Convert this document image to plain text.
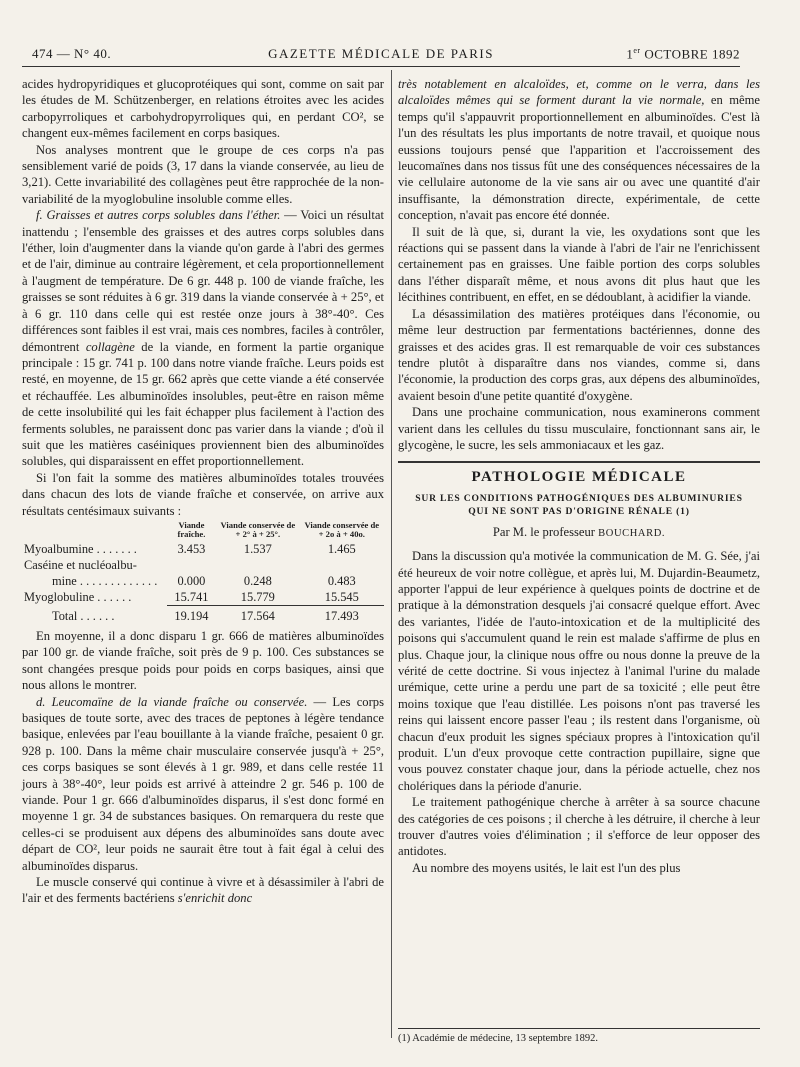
474 — N° 40.	GAZETTE MÉDICALE DE PARIS	1er OCTOBRE 1892

acides hydropyridiques et glucoprotéiques qui sont, comme on sait par les études de M. Schützenberger, en relations étroites avec les acides carbopyrroliques et carbohydropyrroliques qui, en perdant CO², se changent eux-mêmes facilement en corps basiques.

Nos analyses montrent que le groupe de ces corps n'a pas sensiblement varié de poids (3, 17 dans la viande conservée, au lieu de 3,21). Cette invariabilité des collagènes peut être rapprochée de la non-variabilité de la myoglobuline insoluble comme elles.

f. Graisses et autres corps solubles dans l'éther. — Voici un résultat inattendu ; l'ensemble des graisses et des autres corps solubles dans l'éther, loin d'augmenter dans la viande qu'on garde à l'abri des germes et de l'air, diminue au contraire légèrement, et cela proportionnellement à l'augment de température. De 6 gr. 448 p. 100 de viande fraîche, les graisses se sont réduites à 6 gr. 319 dans la viande conservée à + 25°, et à 6 gr. 110 dans celle qui est restée onze jours à 38°-40°. Ces différences sont faibles il est vrai, mais ces nombres, faciles à contrôler, démontrent collagène de la viande, en forment la partie organique principale : 15 gr. 741 p. 100 dans notre viande fraîche. Leurs poids est resté, en moyenne, de 15 gr. 662 après que cette viande a été conservée et réchauffée. Les albuminoïdes insolubles, peut-être en raison même de cette insolubilité qui les fait échapper plus facilement à l'action des ferments solubles, ne paraissent donc pas varier dans la viande ; d'où il suit que les matières caséiniques proviennent bien des albuminoïdes solubles, qui disparaissent en effet proportionnellement.

Si l'on fait la somme des matières albuminoïdes totales trouvées dans chacun des lots de viande fraîche et conservée, on arrive aux résultats centésimaux suivants :

	Viande fraîche.	Viande conservée de + 2° à + 25°.	Viande conservée de + 2o à + 40o.
Myoalbumine . . . . . . .	3.453	1.537	1.465
Caséine et nucléoalbu-			
mine . . . . . . . . . . . . .	0.000	0.248	0.483
Myoglobuline . . . . . .	15.741	15.779	15.545
Total . . . . . .	19.194	17.564	17.493

En moyenne, il a donc disparu 1 gr. 666 de matières albuminoïdes par 100 gr. de viande fraîche, soit près de 9 p. 100. Ces substances se sont changées presque poids pour poids en corps basiques, ainsi que nous allons le montrer.

d. Leucomaïne de la viande fraîche ou conservée. — Les corps basiques de toute sorte, avec des traces de peptones à légère tendance basique, enlevées par l'eau bouillante à la viande fraîche, pesaient 0 gr. 928 p. 100. Dans la même chair musculaire conservée jusqu'à + 25°, ces corps basiques se sont élevés à 1 gr. 989, et dans celle restée 11 jours à 38°-40°, leur poids est arrivé à atteindre 2 gr. 546 p. 100 de viande. Pour 1 gr. 666 d'albuminoïdes disparus, il s'est donc formé en moyenne 1 gr. 34 de substances basiques. On remarquera du reste que celles-ci se produisent aux dépens des albuminoïdes sans doute avec départ de CO², leur poids ne saurait être tout à fait égal à celui des albuminoïdes disparus.

Le muscle conservé qui continue à vivre et à désassimiler à l'abri de l'air et des ferments bactériens s'enrichit donc

très notablement en alcaloïdes, et, comme on le verra, dans les alcaloïdes mêmes qui se forment durant la vie normale, en même temps qu'il s'appauvrit proportionnellement en albuminoïdes. C'est là l'un des résultats les plus importants de notre travail, et quoique nous eussions toujours pensé que l'apparition et l'accroissement des leucomaïnes dans nos tissus fût une des conséquences nécessaires de la vie cellulaire autonome de la vie sans air ou avec une quantité d'air insuffisante, la démonstration directe, expérimentale, de cette conception, n'avait pas encore été donnée.

Il suit de là que, si, durant la vie, les oxydations sont que les réactions qui se passent dans la viande à l'abri de l'air ne l'enrichissent certainement pas en graisses. Une faible portion des corps solubles dans l'éther disparaît même, et nous avons dit plus haut que les lécithines contribuent, en effet, en se dédoublant, à acidifier la viande.

La désassimilation des matières protéiques dans l'économie, ou même leur destruction par fermentations bactériennes, donne des graisses et des acides gras. Il est remarquable de voir ces substances tendre plutôt à disparaître dans nos viandes, comme si, dans l'économie, la production des corps gras, aux dépens des albuminoïdes, avaient besoin d'une petite quantité d'oxygène.

Dans une prochaine communication, nous examinerons comment varient dans les cellules du tissu musculaire, fonctionnant sans air, le glycogène, le sucre, les sels ammoniacaux et les gaz.

PATHOLOGIE MÉDICALE
SUR LES CONDITIONS PATHOGÉNIQUES DES ALBUMINURIES
QUI NE SONT PAS D'ORIGINE RÉNALE (1)
Par M. le professeur BOUCHARD.

Dans la discussion qu'a motivée la communication de M. G. Sée, j'ai été heureux de voir notre collègue, et après lui, M. Dujardin-Beaumetz, apporter l'appui de leur expérience à quelques points de doctrine et de pratique à la démonstration desquels j'ai consacré quelque effort. Avec des variantes, l'idée de l'auto-intoxication et de la multiplicité des poisons qui s'accumulent quand le rein est malade s'affirme de plus en plus. Chaque jour, la clinique nous offre ou nous donne la preuve de la vérité de cette doctrine. Si vous injectez à l'animal l'urine du malade urémique, cette urine a perdu une part de sa toxicité ; elle peut être moins toxique que l'eau distillée. Les poisons n'ont pas traversé les reins qui laissent encore passer l'eau ; ils restent dans l'organisme, où chacun d'eux produit les signes spéciaux propres à l'intoxication qu'il produit. L'un d'eux provoque cette contraction pupillaire, signe que vous pouvez constater chaque jour, dans la période actuelle, chez nos cholériques dans la période d'anurie.

Le traitement pathogénique cherche à arrêter à sa source chacune des catégories de ces poisons ; il cherche à les détruire, il cherche à leur trouver d'autres voies d'élimination ; il s'efforce de leur opposer des antidotes.

Au nombre des moyens usités, le lait est l'un des plus

(1) Académie de médecine, 13 septembre 1892.
